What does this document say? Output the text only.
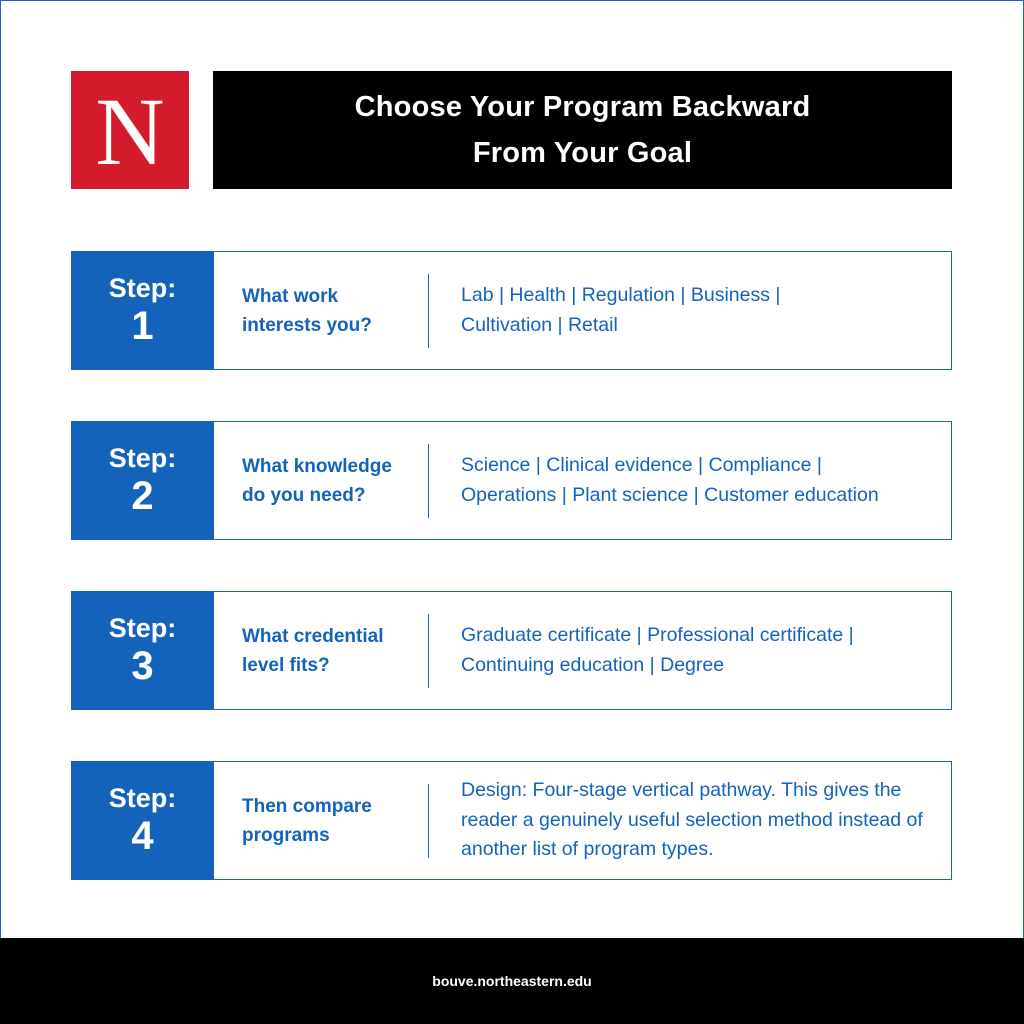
N	Choose Your Program Backward
From Your Goal
Step:
1
What work interests you?
Lab | Health | Regulation | Business | Cultivation | Retail
Step:
2
What knowledge do you need?
Science | Clinical evidence | Compliance | Operations | Plant science | Customer education
Step:
3
What credential level fits?
Graduate certificate | Professional certificate | Continuing education | Degree
Step:
4
Then compare programs
Design: Four-stage vertical pathway. This gives the reader a genuinely useful selection method instead of another list of program types.
bouve.northeastern.edu
